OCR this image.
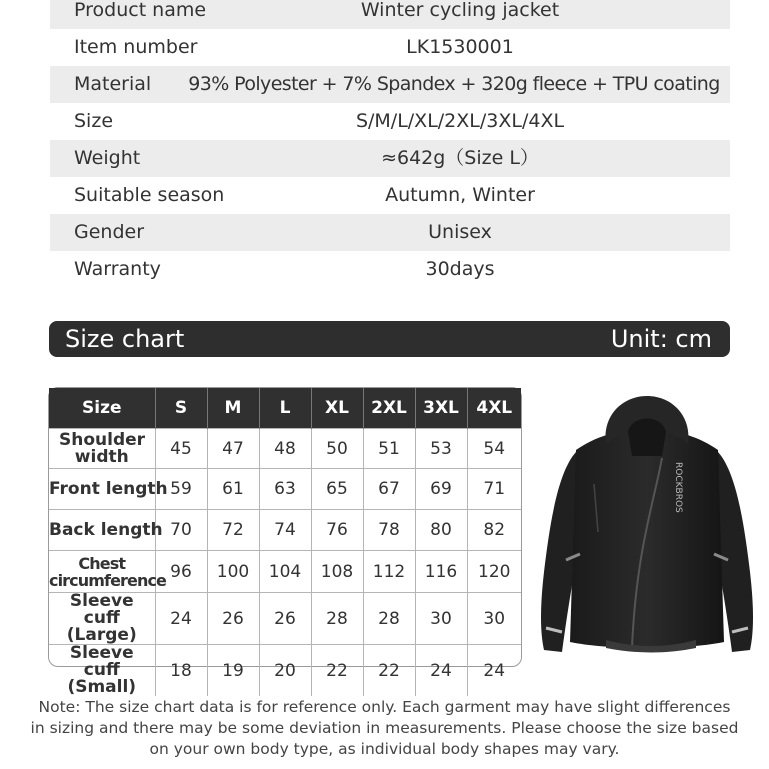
Product name	Winter cycling jacket
Item number	LK1530001
Material	93% Polyester + 7% Spandex + 320g fleece + TPU coating
Size	S/M/L/XL/2XL/3XL/4XL
Weight	≈642g（Size L）
Suitable season	Autumn, Winter
Gender	Unisex
Warranty	30days
Size chart	Unit: cm
Size	S	M	L	XL	2XL	3XL	4XL
Shoulder width	45	47	48	50	51	53	54
Front length	59	61	63	65	67	69	71
Back length	70	72	74	76	78	80	82
Chest circumference	96	100	104	108	112	116	120
Sleeve cuff (Large)	24	26	26	28	28	30	30
Sleeve cuff (Small)	18	19	20	22	22	24	24
ROCKBROS
Note: The size chart data is for reference only. Each garment may have slight differences in sizing and there may be some deviation in measurements. Please choose the size based on your own body type, as individual body shapes may vary.
